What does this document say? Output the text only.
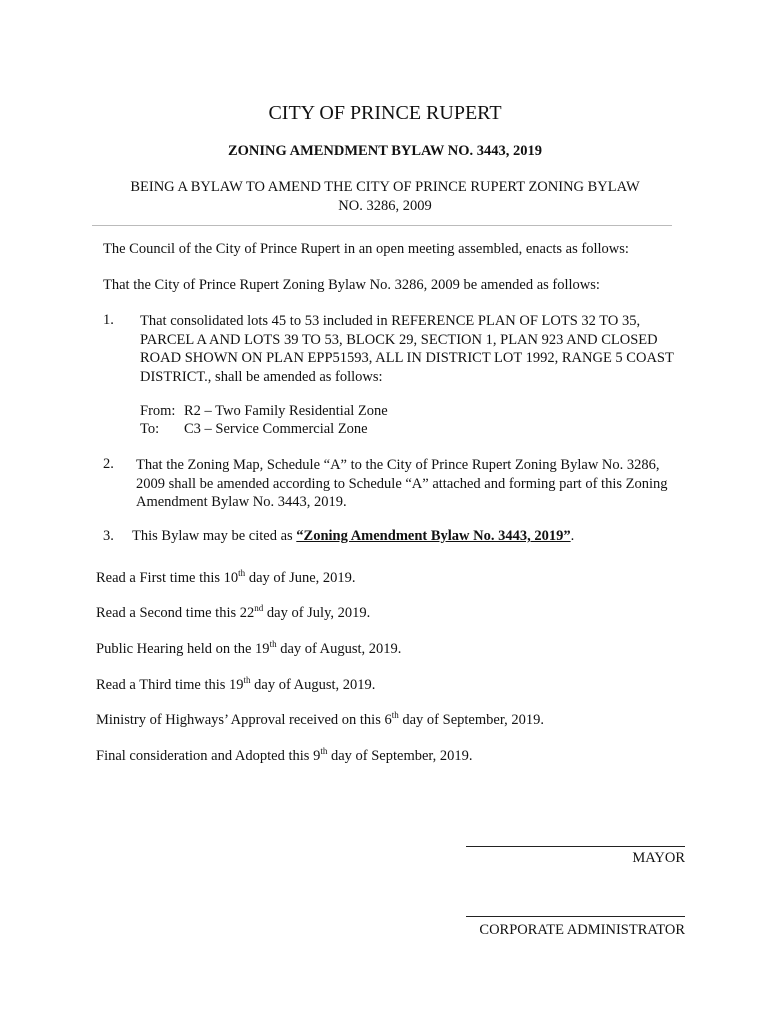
CITY OF PRINCE RUPERT
ZONING AMENDMENT BYLAW NO. 3443, 2019
BEING A BYLAW TO AMEND THE CITY OF PRINCE RUPERT ZONING BYLAW NO. 3286, 2009
The Council of the City of Prince Rupert in an open meeting assembled, enacts as follows:
That the City of Prince Rupert Zoning Bylaw No. 3286, 2009 be amended as follows:
1. That consolidated lots 45 to 53 included in REFERENCE PLAN OF LOTS 32 TO 35, PARCEL A AND LOTS 39 TO 53, BLOCK 29, SECTION 1, PLAN 923 AND CLOSED ROAD SHOWN ON PLAN EPP51593, ALL IN DISTRICT LOT 1992, RANGE 5 COAST DISTRICT., shall be amended as follows:
From: R2 – Two Family Residential Zone
To: C3 – Service Commercial Zone
2. That the Zoning Map, Schedule “A” to the City of Prince Rupert Zoning Bylaw No. 3286, 2009 shall be amended according to Schedule “A” attached and forming part of this Zoning Amendment Bylaw No. 3443, 2019.
3. This Bylaw may be cited as “Zoning Amendment Bylaw No. 3443, 2019”.
Read a First time this 10th day of June, 2019.
Read a Second time this 22nd day of July, 2019.
Public Hearing held on the 19th day of August, 2019.
Read a Third time this 19th day of August, 2019.
Ministry of Highways’ Approval received on this 6th day of September, 2019.
Final consideration and Adopted this 9th day of September, 2019.
MAYOR
CORPORATE ADMINISTRATOR
